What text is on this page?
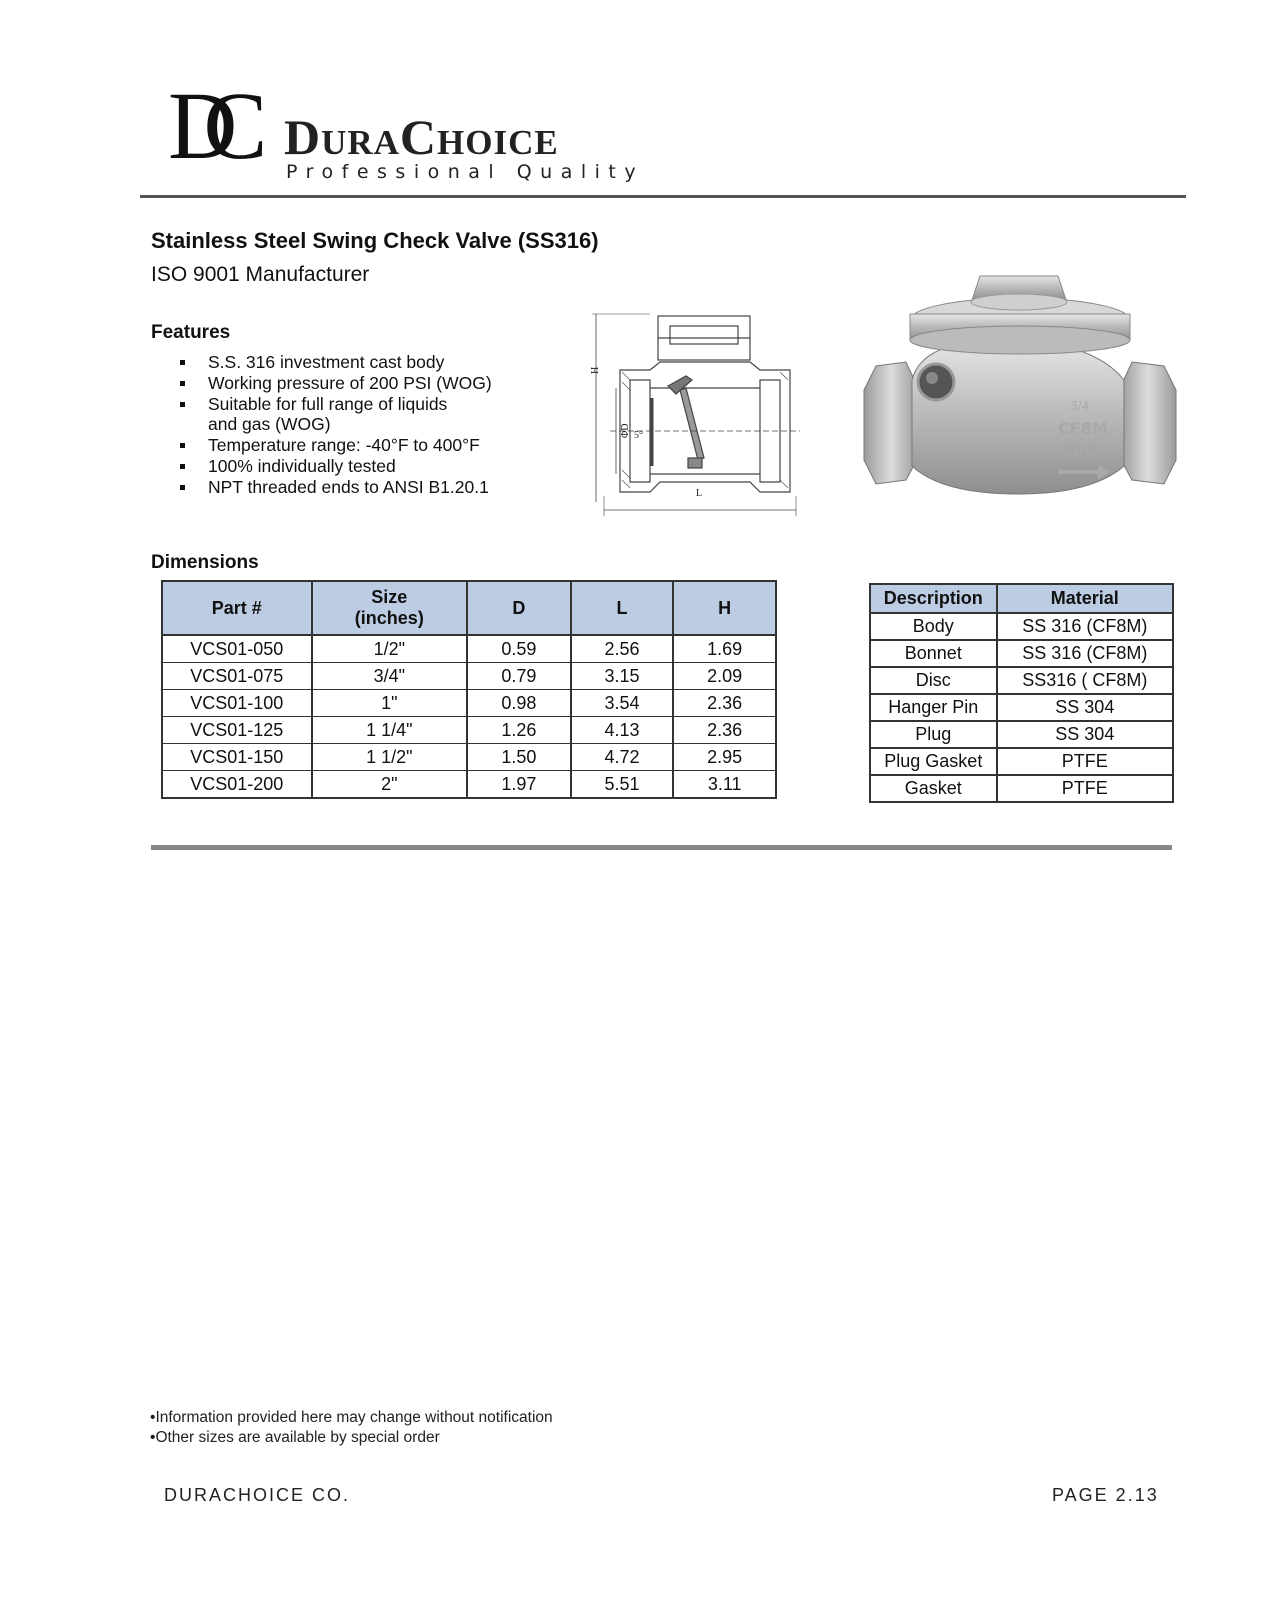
DC	DuraChoice

Professional Quality

Stainless Steel Swing Check Valve (SS316)

ISO 9001 Manufacturer

Features
S.S. 316 investment cast body
Working pressure of 200 PSI (WOG)
Suitable for full range of liquids and gas (WOG)
Temperature range: -40°F to 400°F
100% individually tested
NPT threaded ends to ANSI B1.20.1
H
ΦD 5°
L
3/4
CF8M
200
Dimensions
Part #	Size (inches)	D	L	H
VCS01-050	1/2"	0.59	2.56	1.69
VCS01-075	3/4"	0.79	3.15	2.09
VCS01-100	1"	0.98	3.54	2.36
VCS01-125	1 1/4"	1.26	4.13	2.36
VCS01-150	1 1/2"	1.50	4.72	2.95
VCS01-200	2"	1.97	5.51	3.11
Description	Material
Body	SS 316 (CF8M)
Bonnet	SS 316 (CF8M)
Disc	SS316 ( CF8M)
Hanger Pin	SS 304
Plug	SS 304
Plug Gasket	PTFE
Gasket	PTFE
• Information provided here may change without notification
• Other sizes are available by special order

DURACHOICE CO.	PAGE 2.13
